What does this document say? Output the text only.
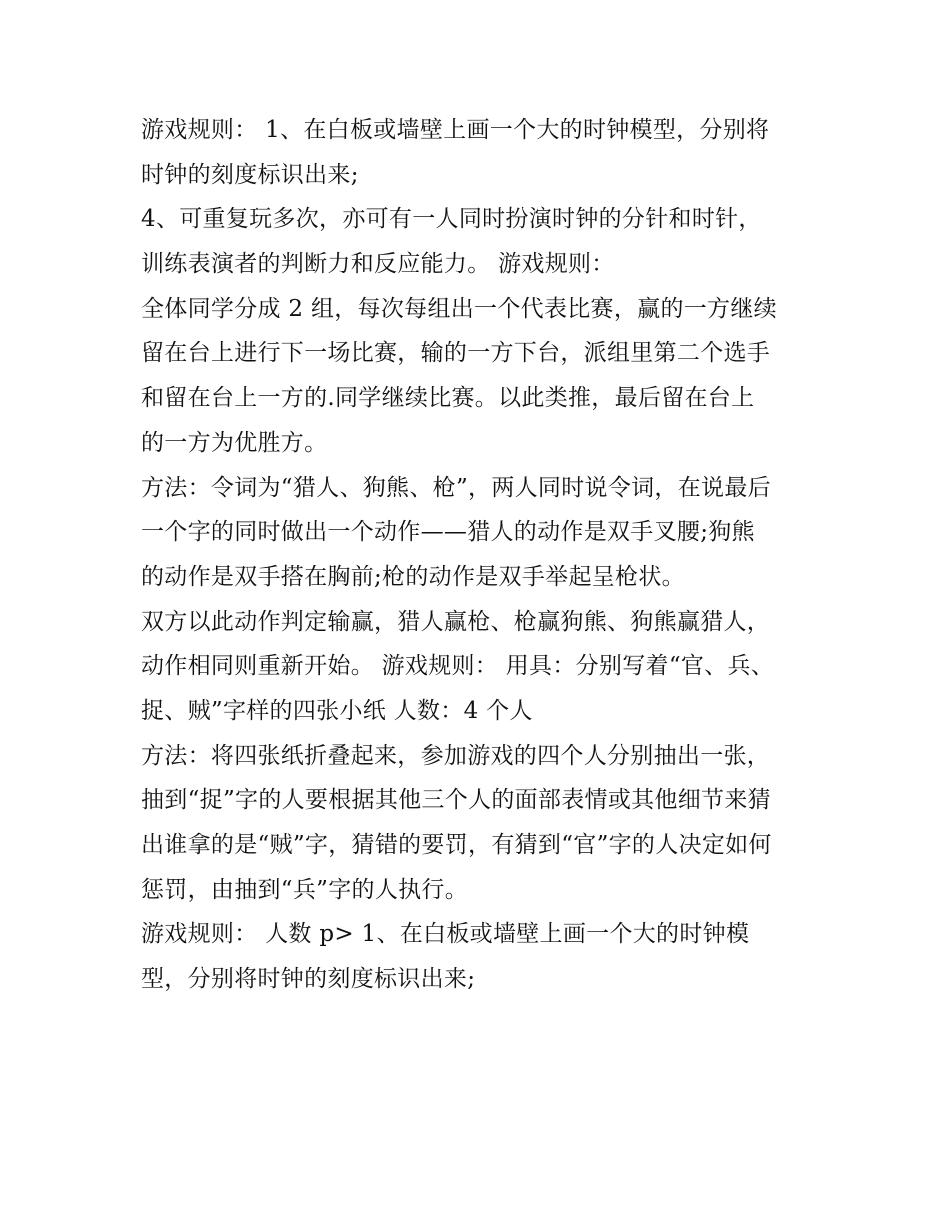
游戏规则： 1、在白板或墙壁上画一个大的时钟模型，分别将
时钟的刻度标识出来;
4、可重复玩多次，亦可有一人同时扮演时钟的分针和时针，
训练表演者的判断力和反应能力。 游戏规则：
全体同学分成 2 组，每次每组出一个代表比赛，赢的一方继续
留在台上进行下一场比赛，输的一方下台，派组里第二个选手
和留在台上一方的.同学继续比赛。以此类推，最后留在台上
的一方为优胜方。
方法：令词为“猎人、狗熊、枪”，两人同时说令词，在说最后
一个字的同时做出一个动作——猎人的动作是双手叉腰;狗熊
的动作是双手搭在胸前;枪的动作是双手举起呈枪状。
双方以此动作判定输赢，猎人赢枪、枪赢狗熊、狗熊赢猎人，
动作相同则重新开始。 游戏规则： 用具：分别写着“官、兵、
捉、贼”字样的四张小纸 人数：4 个人
方法：将四张纸折叠起来，参加游戏的四个人分别抽出一张，
抽到“捉”字的人要根据其他三个人的面部表情或其他细节来猜
出谁拿的是“贼”字，猜错的要罚，有猜到“官”字的人决定如何
惩罚，由抽到“兵”字的人执行。
游戏规则： 人数 p> 1、在白板或墙壁上画一个大的时钟模
型，分别将时钟的刻度标识出来;
